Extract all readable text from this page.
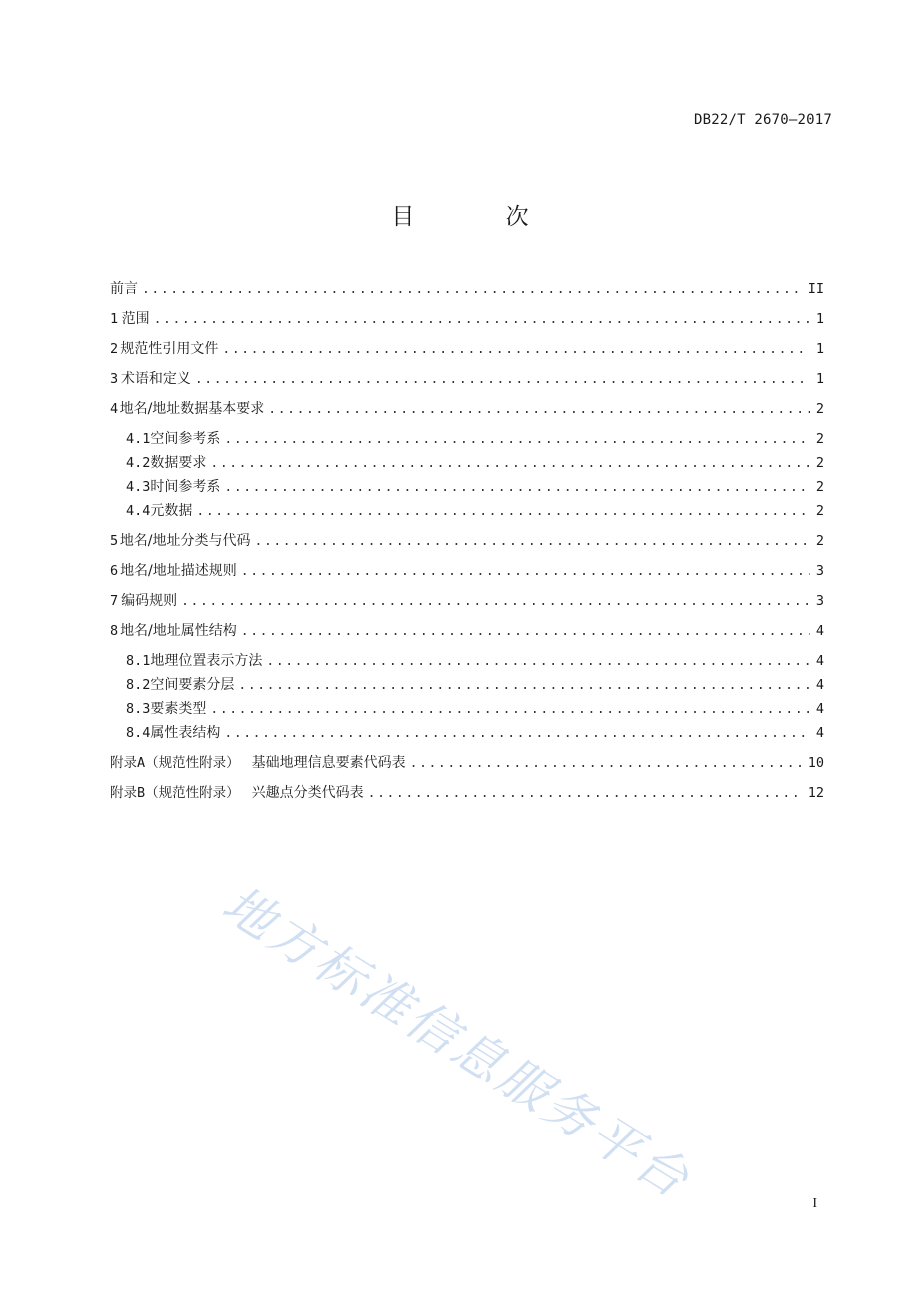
DB22/T 2670—2017
目 次
前言 .....	II
1 范围 .....	1
2 规范性引用文件 .....	1
3 术语和定义 .....	1
4 地名/地址数据基本要求 .....	2
4.1 空间参考系 .....	2
4.2 数据要求 .....	2
4.3 时间参考系 .....	2
4.4 元数据 .....	2
5 地名/地址分类与代码 .....	2
6 地名/地址描述规则 .....	3
7 编码规则 .....	3
8 地名/地址属性结构 .....	4
8.1 地理位置表示方法 .....	4
8.2 空间要素分层 .....	4
8.3 要素类型 .....	4
8.4 属性表结构 .....	4
附录A（规范性附录） 基础地理信息要素代码表 .....	10
附录B（规范性附录） 兴趣点分类代码表 .....	12
I
地方标准信息服务平台
